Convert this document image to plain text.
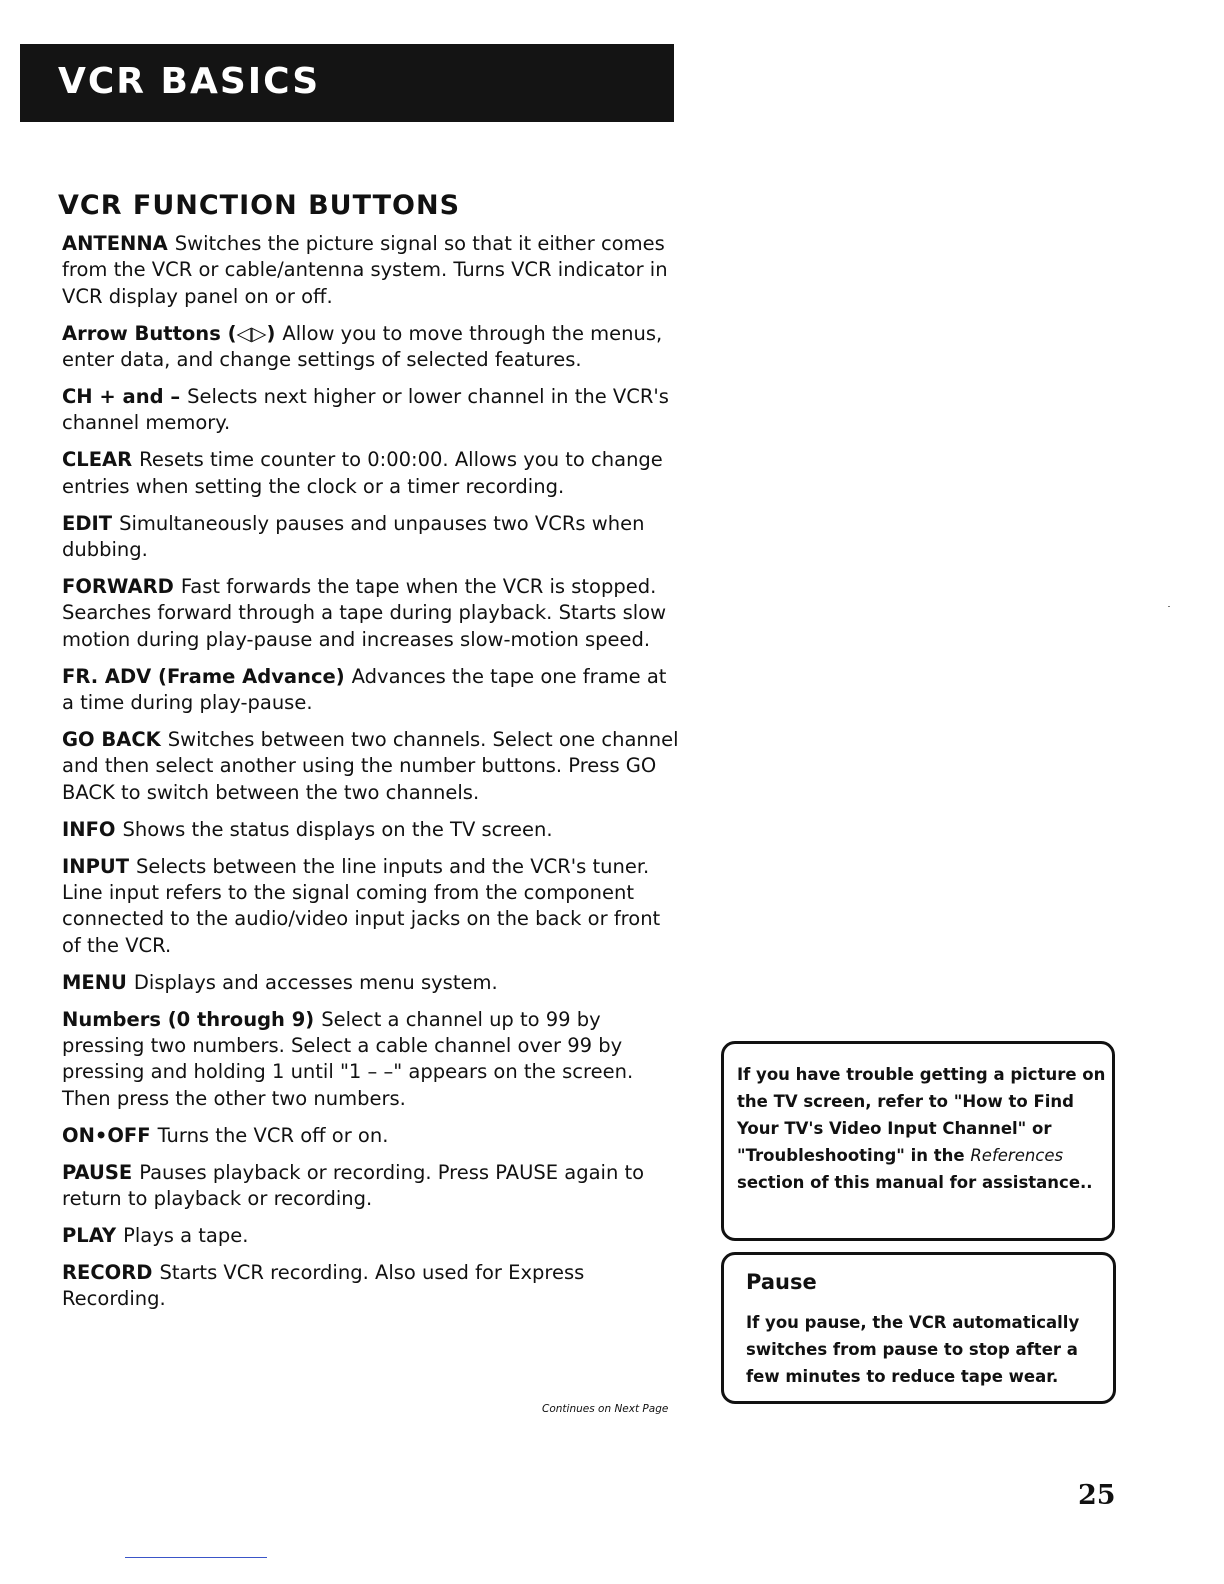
VCR BASICS
VCR FUNCTION BUTTONS

ANTENNA Switches the picture signal so that it either comes from the VCR or cable/antenna system. Turns VCR indicator in VCR display panel on or off.

Arrow Buttons (◁▷) Allow you to move through the menus, enter data, and change settings of selected features.

CH + and – Selects next higher or lower channel in the VCR's channel memory.

CLEAR Resets time counter to 0:00:00. Allows you to change entries when setting the clock or a timer recording.

EDIT Simultaneously pauses and unpauses two VCRs when dubbing.

FORWARD Fast forwards the tape when the VCR is stopped. Searches forward through a tape during playback. Starts slow motion during play-pause and increases slow-motion speed.

FR. ADV (Frame Advance) Advances the tape one frame at a time during play-pause.

GO BACK Switches between two channels. Select one channel and then select another using the number buttons. Press GO BACK to switch between the two channels.

INFO Shows the status displays on the TV screen.

INPUT Selects between the line inputs and the VCR's tuner. Line input refers to the signal coming from the component connected to the audio/video input jacks on the back or front of the VCR.

MENU Displays and accesses menu system.

Numbers (0 through 9) Select a channel up to 99 by pressing two numbers. Select a cable channel over 99 by pressing and holding 1 until "1 – –" appears on the screen. Then press the other two numbers.

ON•OFF Turns the VCR off or on.

PAUSE Pauses playback or recording. Press PAUSE again to return to playback or recording.

PLAY Plays a tape.

RECORD Starts VCR recording. Also used for Express Recording.

Continues on Next Page

If you have trouble getting a picture on the TV screen, refer to "How to Find Your TV's Video Input Channel" or "Troubleshooting" in the References section of this manual for assistance..

Pause

If you pause, the VCR automatically switches from pause to stop after a few minutes to reduce tape wear.

25
